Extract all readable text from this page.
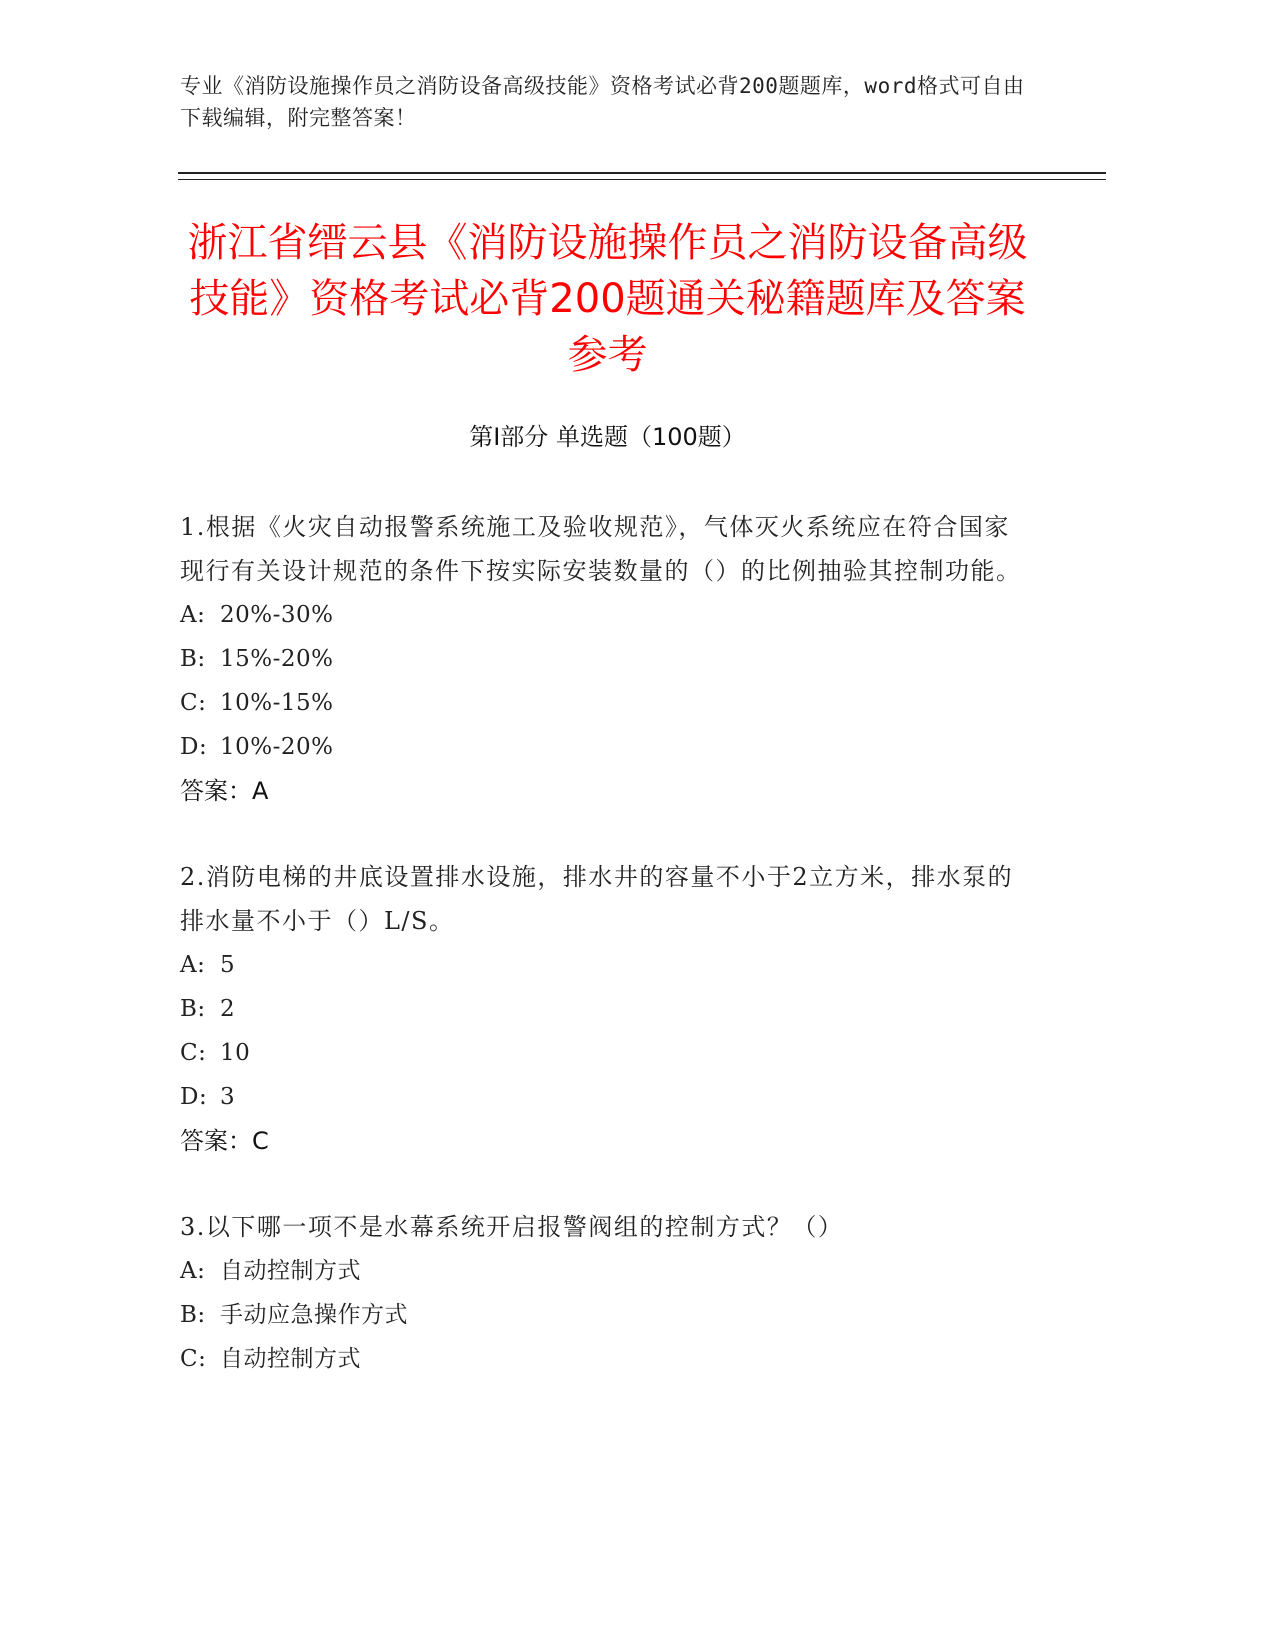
专业《消防设施操作员之消防设备高级技能》资格考试必背200题题库，word格式可自由下载编辑，附完整答案！
浙江省缙云县《消防设施操作员之消防设备高级技能》资格考试必背200题通关秘籍题库及答案参考
第I部分 单选题（100题）
1.根据《火灾自动报警系统施工及验收规范》，气体灭火系统应在符合国家现行有关设计规范的条件下按实际安装数量的（）的比例抽验其控制功能。
A: 20%-30%
B: 15%-20%
C: 10%-15%
D: 10%-20%
答案：A
2.消防电梯的井底设置排水设施，排水井的容量不小于2立方米，排水泵的排水量不小于（）L/S。
A: 5
B: 2
C: 10
D: 3
答案：C
3.以下哪一项不是水幕系统开启报警阀组的控制方式？（）
A: 自动控制方式
B: 手动应急操作方式
C: 自动控制方式
